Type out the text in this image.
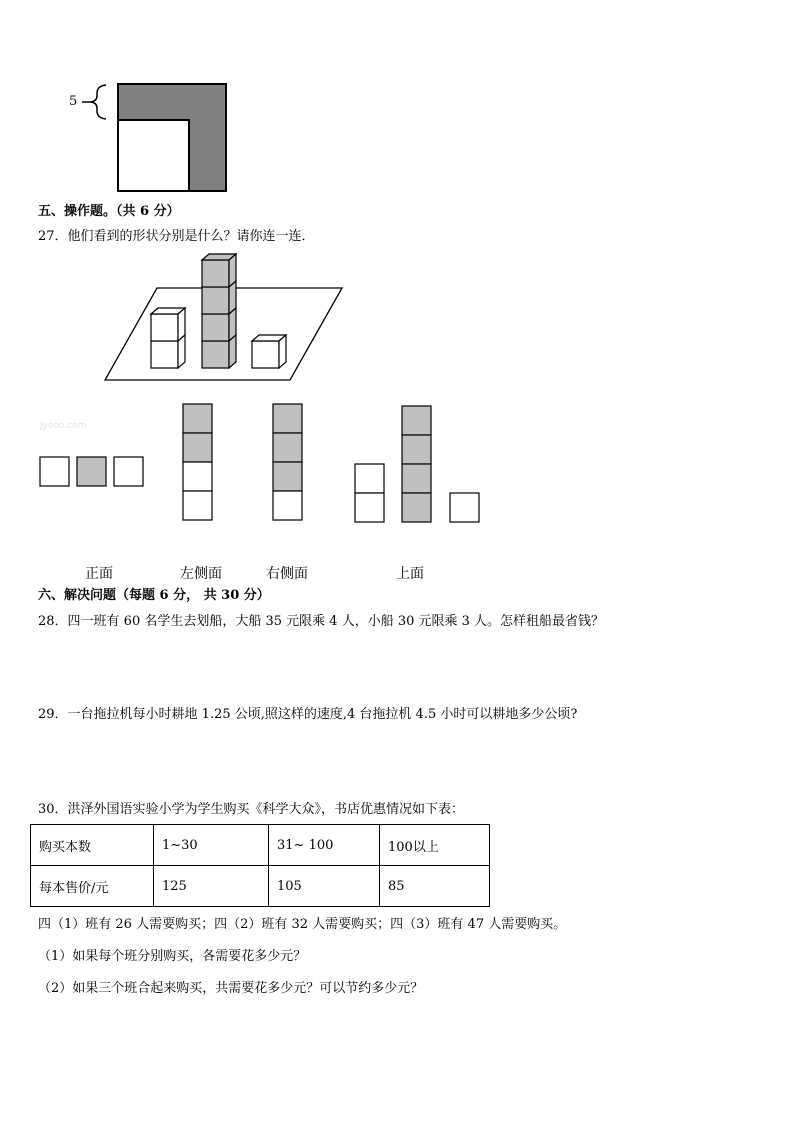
5
五、操作题。（共 6 分）
27．他们看到的形状分别是什么？请你连一连．
Jyeoo.com
正面	左侧面	右侧面	上面
六、解决问题（每题 6 分， 共 30 分）
28．四一班有 60 名学生去划船，大船 35 元限乘 4 人，小船 30 元限乘 3 人。怎样租船最省钱？
29．一台拖拉机每小时耕地 1.25 公顷,照这样的速度,4 台拖拉机 4.5 小时可以耕地多少公顷?
30．洪泽外国语实验小学为学生购买《科学大众》，书店优惠情况如下表：
购买本数	1~30	31~ 100	100以上
每本售价/元	125	105	85
四（1）班有 26 人需要购买；四（2）班有 32 人需要购买；四（3）班有 47 人需要购买。
（1）如果每个班分别购买，各需要花多少元？
（2）如果三个班合起来购买，共需要花多少元？可以节约多少元？
